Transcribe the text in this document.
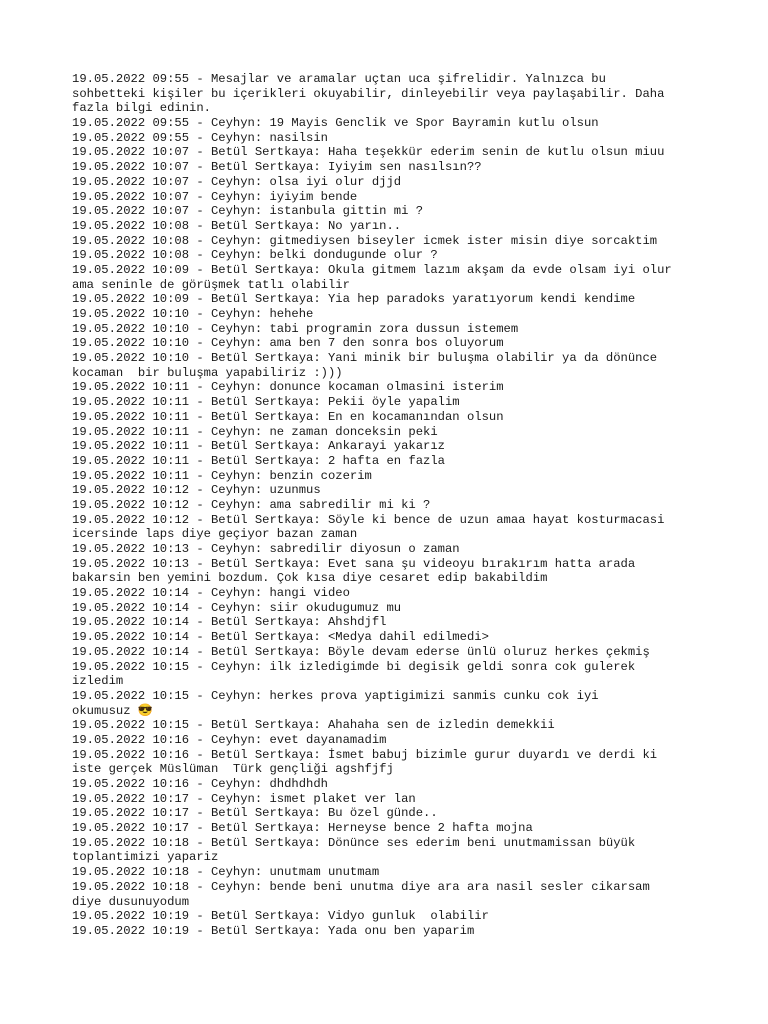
19.05.2022 09:55 - Mesajlar ve aramalar uçtan uca şifrelidir. Yalnızca bu

sohbetteki kişiler bu içerikleri okuyabilir, dinleyebilir veya paylaşabilir. Daha

fazla bilgi edinin.

19.05.2022 09:55 - Ceyhyn: 19 Mayis Genclik ve Spor Bayramin kutlu olsun

19.05.2022 09:55 - Ceyhyn: nasilsin

19.05.2022 10:07 - Betül Sertkaya: Haha teşekkür ederim senin de kutlu olsun miuu

19.05.2022 10:07 - Betül Sertkaya: Iyiyim sen nasılsın??

19.05.2022 10:07 - Ceyhyn: olsa iyi olur djjd

19.05.2022 10:07 - Ceyhyn: iyiyim bende

19.05.2022 10:07 - Ceyhyn: istanbula gittin mi ?

19.05.2022 10:08 - Betül Sertkaya: No yarın..

19.05.2022 10:08 - Ceyhyn: gitmediysen biseyler icmek ister misin diye sorcaktim

19.05.2022 10:08 - Ceyhyn: belki dondugunde olur ?

19.05.2022 10:09 - Betül Sertkaya: Okula gitmem lazım akşam da evde olsam iyi olur

ama seninle de görüşmek tatlı olabilir

19.05.2022 10:09 - Betül Sertkaya: Yia hep paradoks yaratıyorum kendi kendime

19.05.2022 10:10 - Ceyhyn: hehehe

19.05.2022 10:10 - Ceyhyn: tabi programin zora dussun istemem

19.05.2022 10:10 - Ceyhyn: ama ben 7 den sonra bos oluyorum

19.05.2022 10:10 - Betül Sertkaya: Yani minik bir buluşma olabilir ya da dönünce

kocaman  bir buluşma yapabiliriz :)))

19.05.2022 10:11 - Ceyhyn: donunce kocaman olmasini isterim

19.05.2022 10:11 - Betül Sertkaya: Pekii öyle yapalim

19.05.2022 10:11 - Betül Sertkaya: En en kocamanından olsun

19.05.2022 10:11 - Ceyhyn: ne zaman donceksin peki

19.05.2022 10:11 - Betül Sertkaya: Ankarayi yakarız

19.05.2022 10:11 - Betül Sertkaya: 2 hafta en fazla

19.05.2022 10:11 - Ceyhyn: benzin cozerim

19.05.2022 10:12 - Ceyhyn: uzunmus

19.05.2022 10:12 - Ceyhyn: ama sabredilir mi ki ?

19.05.2022 10:12 - Betül Sertkaya: Söyle ki bence de uzun amaa hayat kosturmacasi

icersinde laps diye geçiyor bazan zaman

19.05.2022 10:13 - Ceyhyn: sabredilir diyosun o zaman

19.05.2022 10:13 - Betül Sertkaya: Evet sana şu videoyu bırakırım hatta arada

bakarsin ben yemini bozdum. Çok kısa diye cesaret edip bakabildim

19.05.2022 10:14 - Ceyhyn: hangi video

19.05.2022 10:14 - Ceyhyn: siir okudugumuz mu

19.05.2022 10:14 - Betül Sertkaya: Ahshdjfl

19.05.2022 10:14 - Betül Sertkaya: <Medya dahil edilmedi>

19.05.2022 10:14 - Betül Sertkaya: Böyle devam ederse ünlü oluruz herkes çekmiş

19.05.2022 10:15 - Ceyhyn: ilk izledigimde bi degisik geldi sonra cok gulerek

izledim

19.05.2022 10:15 - Ceyhyn: herkes prova yaptigimizi sanmis cunku cok iyi

okumusuz 😎

19.05.2022 10:15 - Betül Sertkaya: Ahahaha sen de izledin demekkii

19.05.2022 10:16 - Ceyhyn: evet dayanamadim

19.05.2022 10:16 - Betül Sertkaya: İsmet babuj bizimle gurur duyardı ve derdi ki

iste gerçek Müslüman  Türk gençliği agshfjfj

19.05.2022 10:16 - Ceyhyn: dhdhdhdh

19.05.2022 10:17 - Ceyhyn: ismet plaket ver lan

19.05.2022 10:17 - Betül Sertkaya: Bu özel günde..

19.05.2022 10:17 - Betül Sertkaya: Herneyse bence 2 hafta mojna

19.05.2022 10:18 - Betül Sertkaya: Dönünce ses ederim beni unutmamissan büyük

toplantimizi yapariz

19.05.2022 10:18 - Ceyhyn: unutmam unutmam

19.05.2022 10:18 - Ceyhyn: bende beni unutma diye ara ara nasil sesler cikarsam

diye dusunuyodum

19.05.2022 10:19 - Betül Sertkaya: Vidyo gunluk  olabilir

19.05.2022 10:19 - Betül Sertkaya: Yada onu ben yaparim
